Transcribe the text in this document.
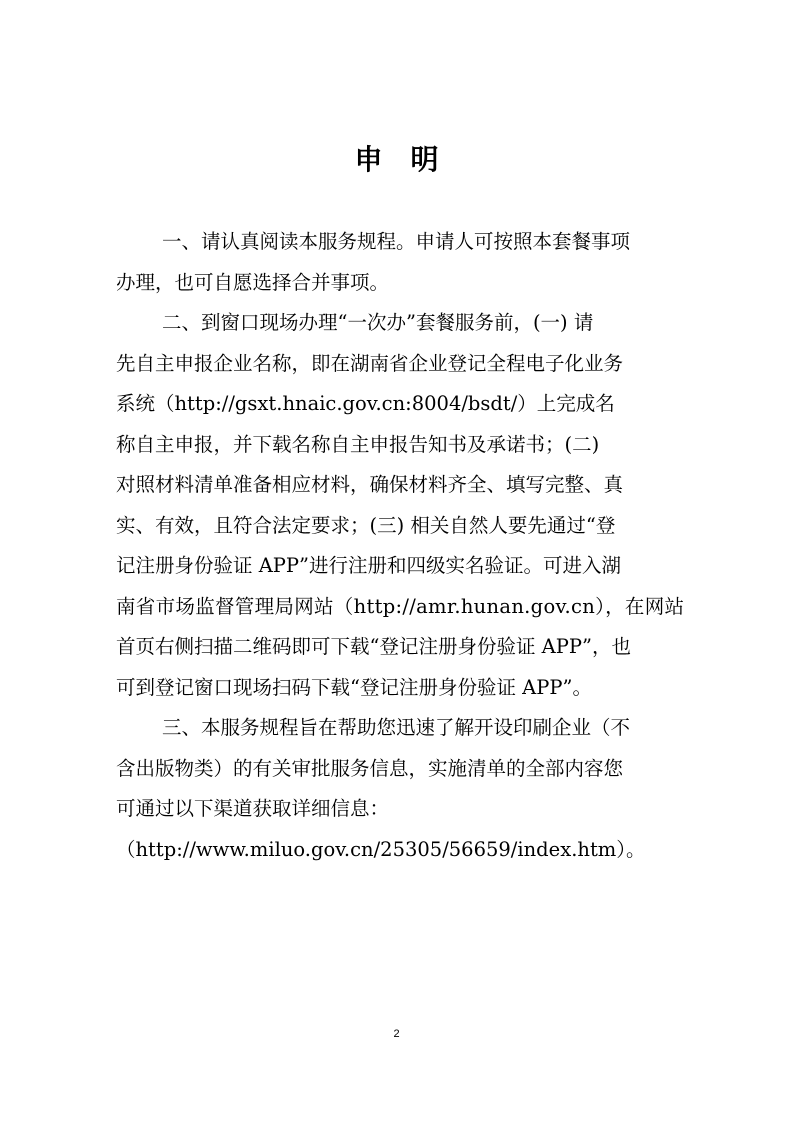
申明
一、请认真阅读本服务规程。申请人可按照本套餐事项
办理，也可自愿选择合并事项。
二、到窗口现场办理“一次办”套餐服务前，(一) 请
先自主申报企业名称，即在湖南省企业登记全程电子化业务
系统（http://gsxt.hnaic.gov.cn:8004/bsdt/）上完成名
称自主申报，并下载名称自主申报告知书及承诺书；(二)
对照材料清单准备相应材料，确保材料齐全、填写完整、真
实、有效，且符合法定要求；(三) 相关自然人要先通过“登
记注册身份验证 APP”进行注册和四级实名验证。可进入湖
南省市场监督管理局网站（http://amr.hunan.gov.cn），在网站
首页右侧扫描二维码即可下载“登记注册身份验证 APP”，也
可到登记窗口现场扫码下载“登记注册身份验证 APP”。
三、本服务规程旨在帮助您迅速了解开设印刷企业（不
含出版物类）的有关审批服务信息，实施清单的全部内容您
可通过以下渠道获取详细信息：
（http://www.miluo.gov.cn/25305/56659/index.htm）。
2
